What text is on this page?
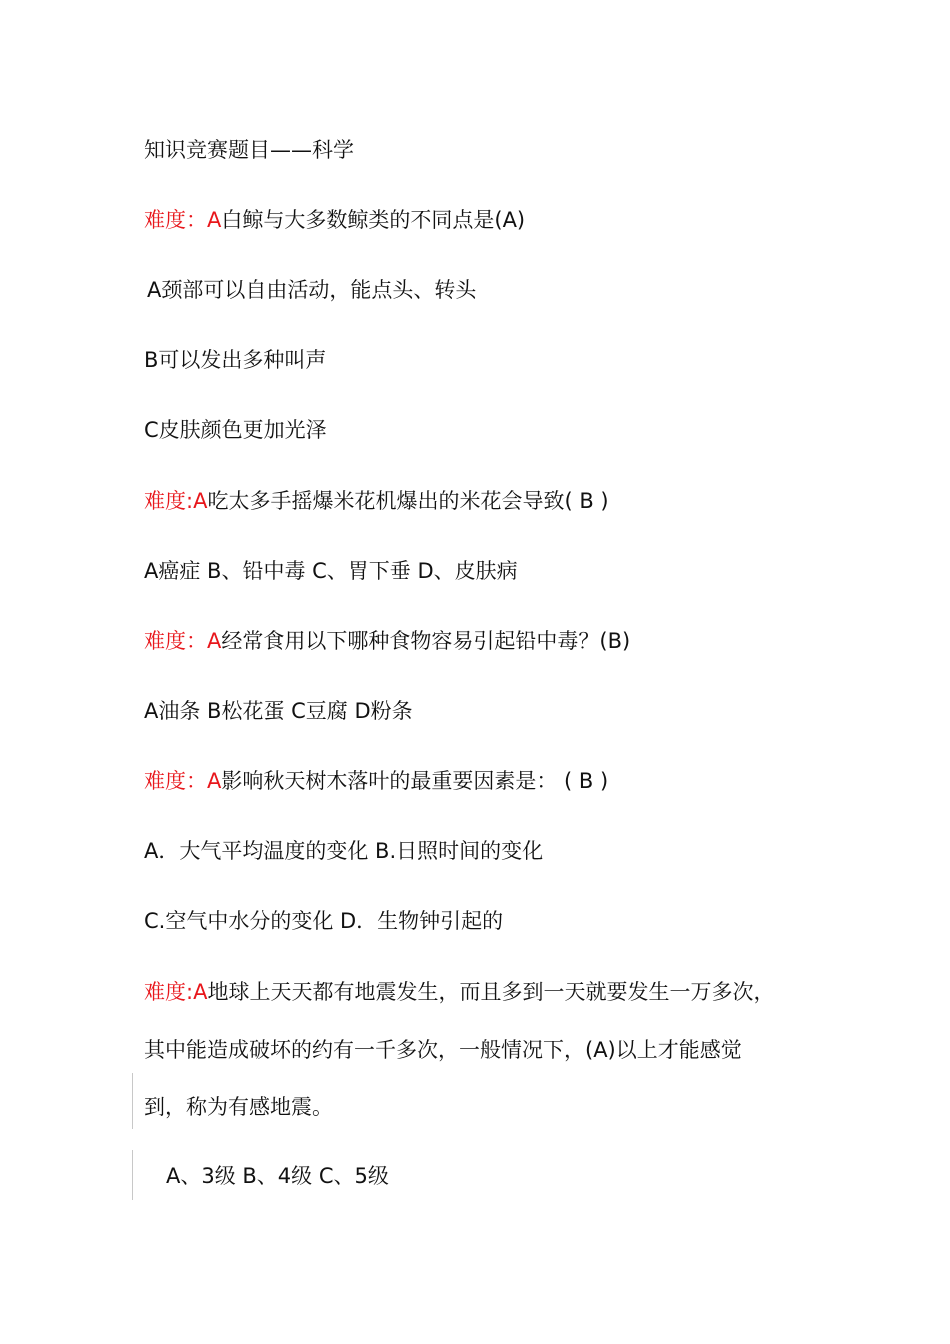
知识竞赛题目——科学
难度：A白鲸与大多数鲸类的不同点是(A)
A颈部可以自由活动，能点头、转头
B可以发出多种叫声
C皮肤颜色更加光泽
难度:A吃太多手摇爆米花机爆出的米花会导致( B )
A癌症 B、铅中毒 C、胃下垂 D、皮肤病
难度：A经常食用以下哪种食物容易引起铅中毒？(B)
A油条 B松花蛋 C豆腐 D粉条
难度：A影响秋天树木落叶的最重要因素是： ( B )
A．大气平均温度的变化 B.日照时间的变化
C.空气中水分的变化 D．生物钟引起的
难度:A地球上天天都有地震发生，而且多到一天就要发生一万多次，
其中能造成破坏的约有一千多次，一般情况下，(A)以上才能感觉
到，称为有感地震。
A、3级 B、4级 C、5级
